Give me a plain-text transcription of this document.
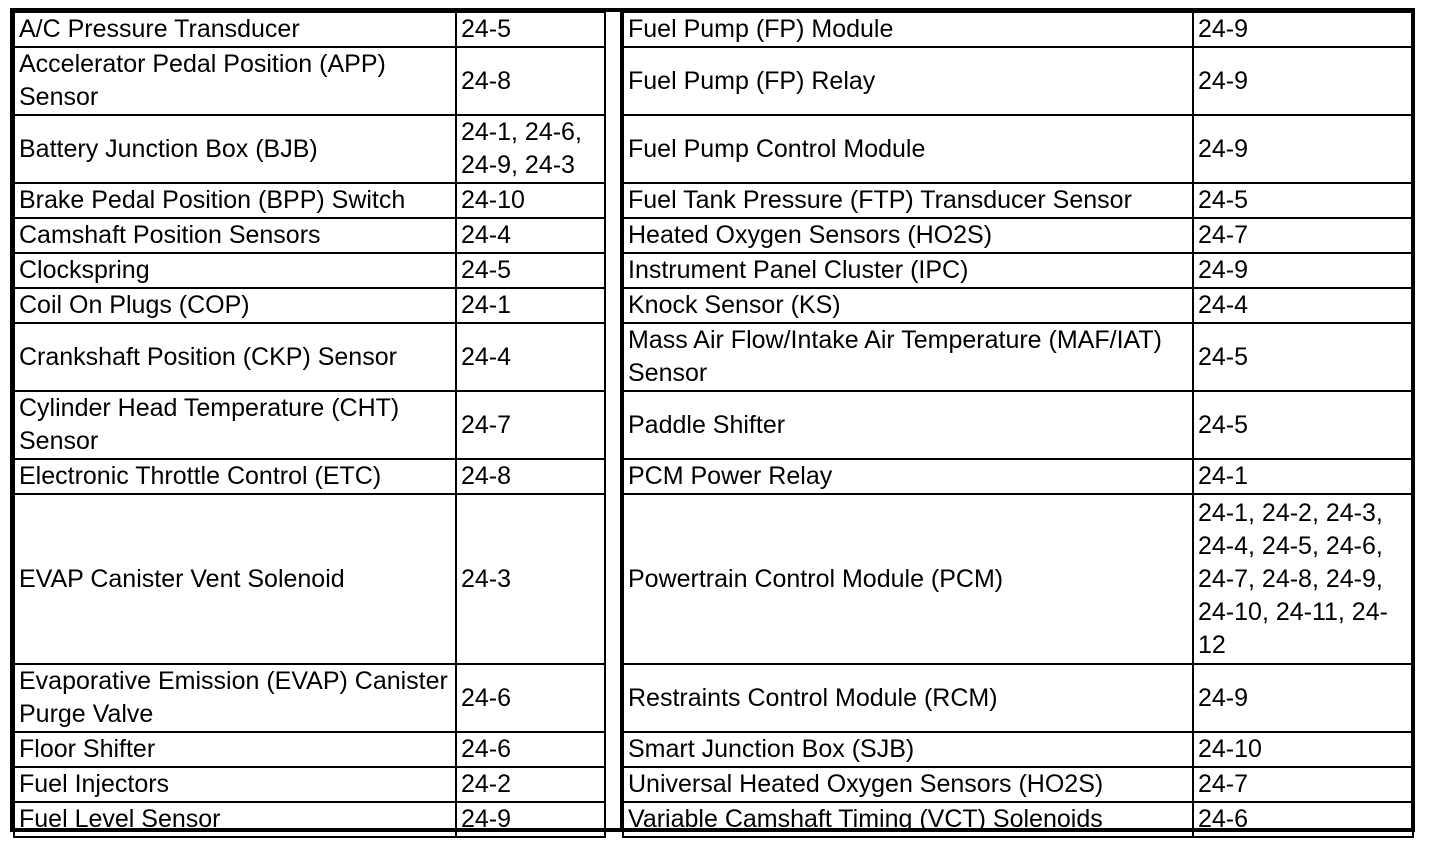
A/C Pressure Transducer	24-5
Accelerator Pedal Position (APP) Sensor	24-8
Battery Junction Box (BJB)	24-1, 24-6, 24-9, 24-3
Brake Pedal Position (BPP) Switch	24-10
Camshaft Position Sensors	24-4
Clockspring	24-5
Coil On Plugs (COP)	24-1
Crankshaft Position (CKP) Sensor	24-4
Cylinder Head Temperature (CHT) Sensor	24-7
Electronic Throttle Control (ETC)	24-8
EVAP Canister Vent Solenoid	24-3
Evaporative Emission (EVAP) Canister Purge Valve	24-6
Floor Shifter	24-6
Fuel Injectors	24-2
Fuel Level Sensor	24-9
Fuel Pump (FP) Module	24-9
Fuel Pump (FP) Relay	24-9
Fuel Pump Control Module	24-9
Fuel Tank Pressure (FTP) Transducer Sensor	24-5
Heated Oxygen Sensors (HO2S)	24-7
Instrument Panel Cluster (IPC)	24-9
Knock Sensor (KS)	24-4
Mass Air Flow/Intake Air Temperature (MAF/IAT) Sensor	24-5
Paddle Shifter	24-5
PCM Power Relay	24-1
Powertrain Control Module (PCM)	24-1, 24-2, 24-3, 24-4, 24-5, 24-6, 24-7, 24-8, 24-9, 24-10, 24-11, 24-12
Restraints Control Module (RCM)	24-9
Smart Junction Box (SJB)	24-10
Universal Heated Oxygen Sensors (HO2S)	24-7
Variable Camshaft Timing (VCT) Solenoids	24-6
